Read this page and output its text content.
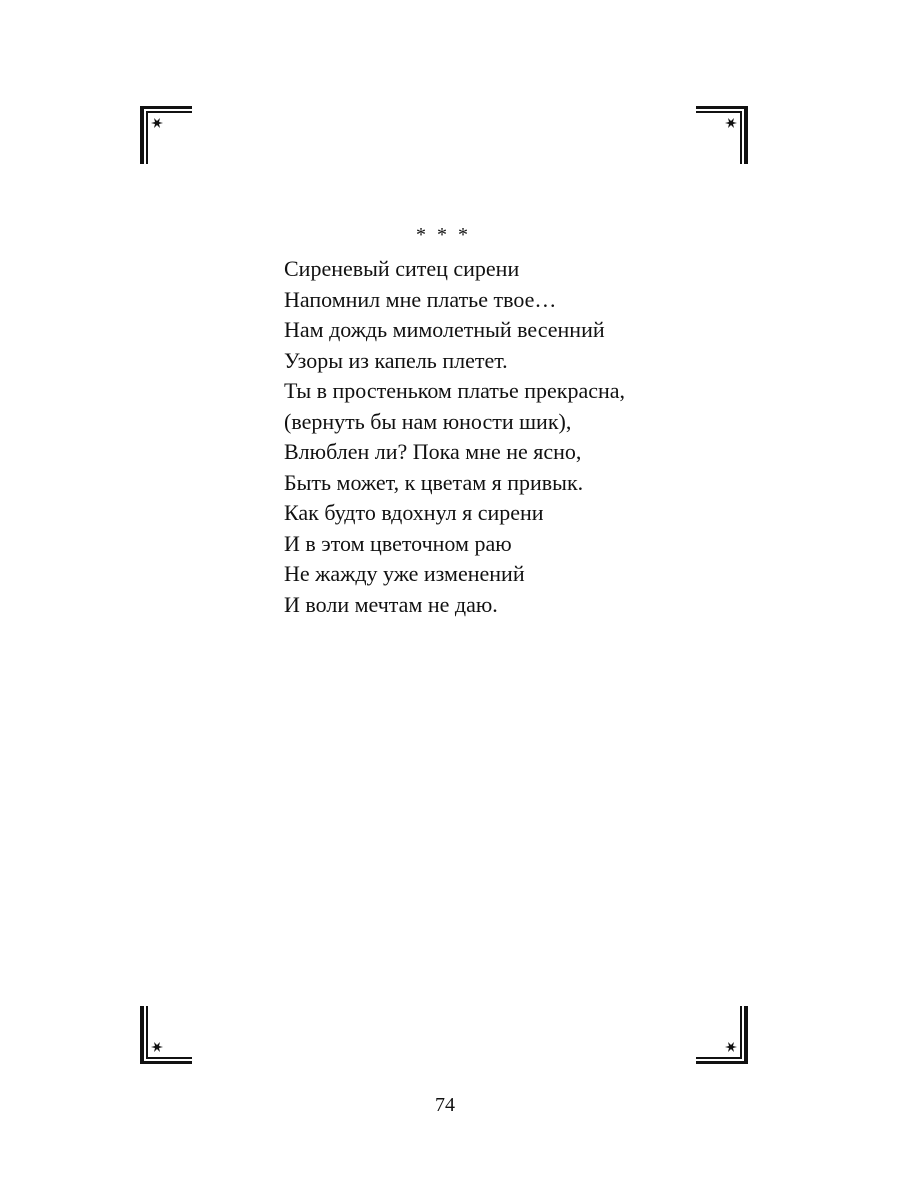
* * *
Сиреневый ситец сирени
Напомнил мне платье твое…
Нам дождь мимолетный весенний
Узоры из капель плетет.
Ты в простеньком платье прекрасна,
(вернуть бы нам юности шик),
Влюблен ли? Пока мне не ясно,
Быть может, к цветам я привык.
Как будто вдохнул я сирени
И в этом цветочном раю
Не жажду уже изменений
И воли мечтам не даю.
74
